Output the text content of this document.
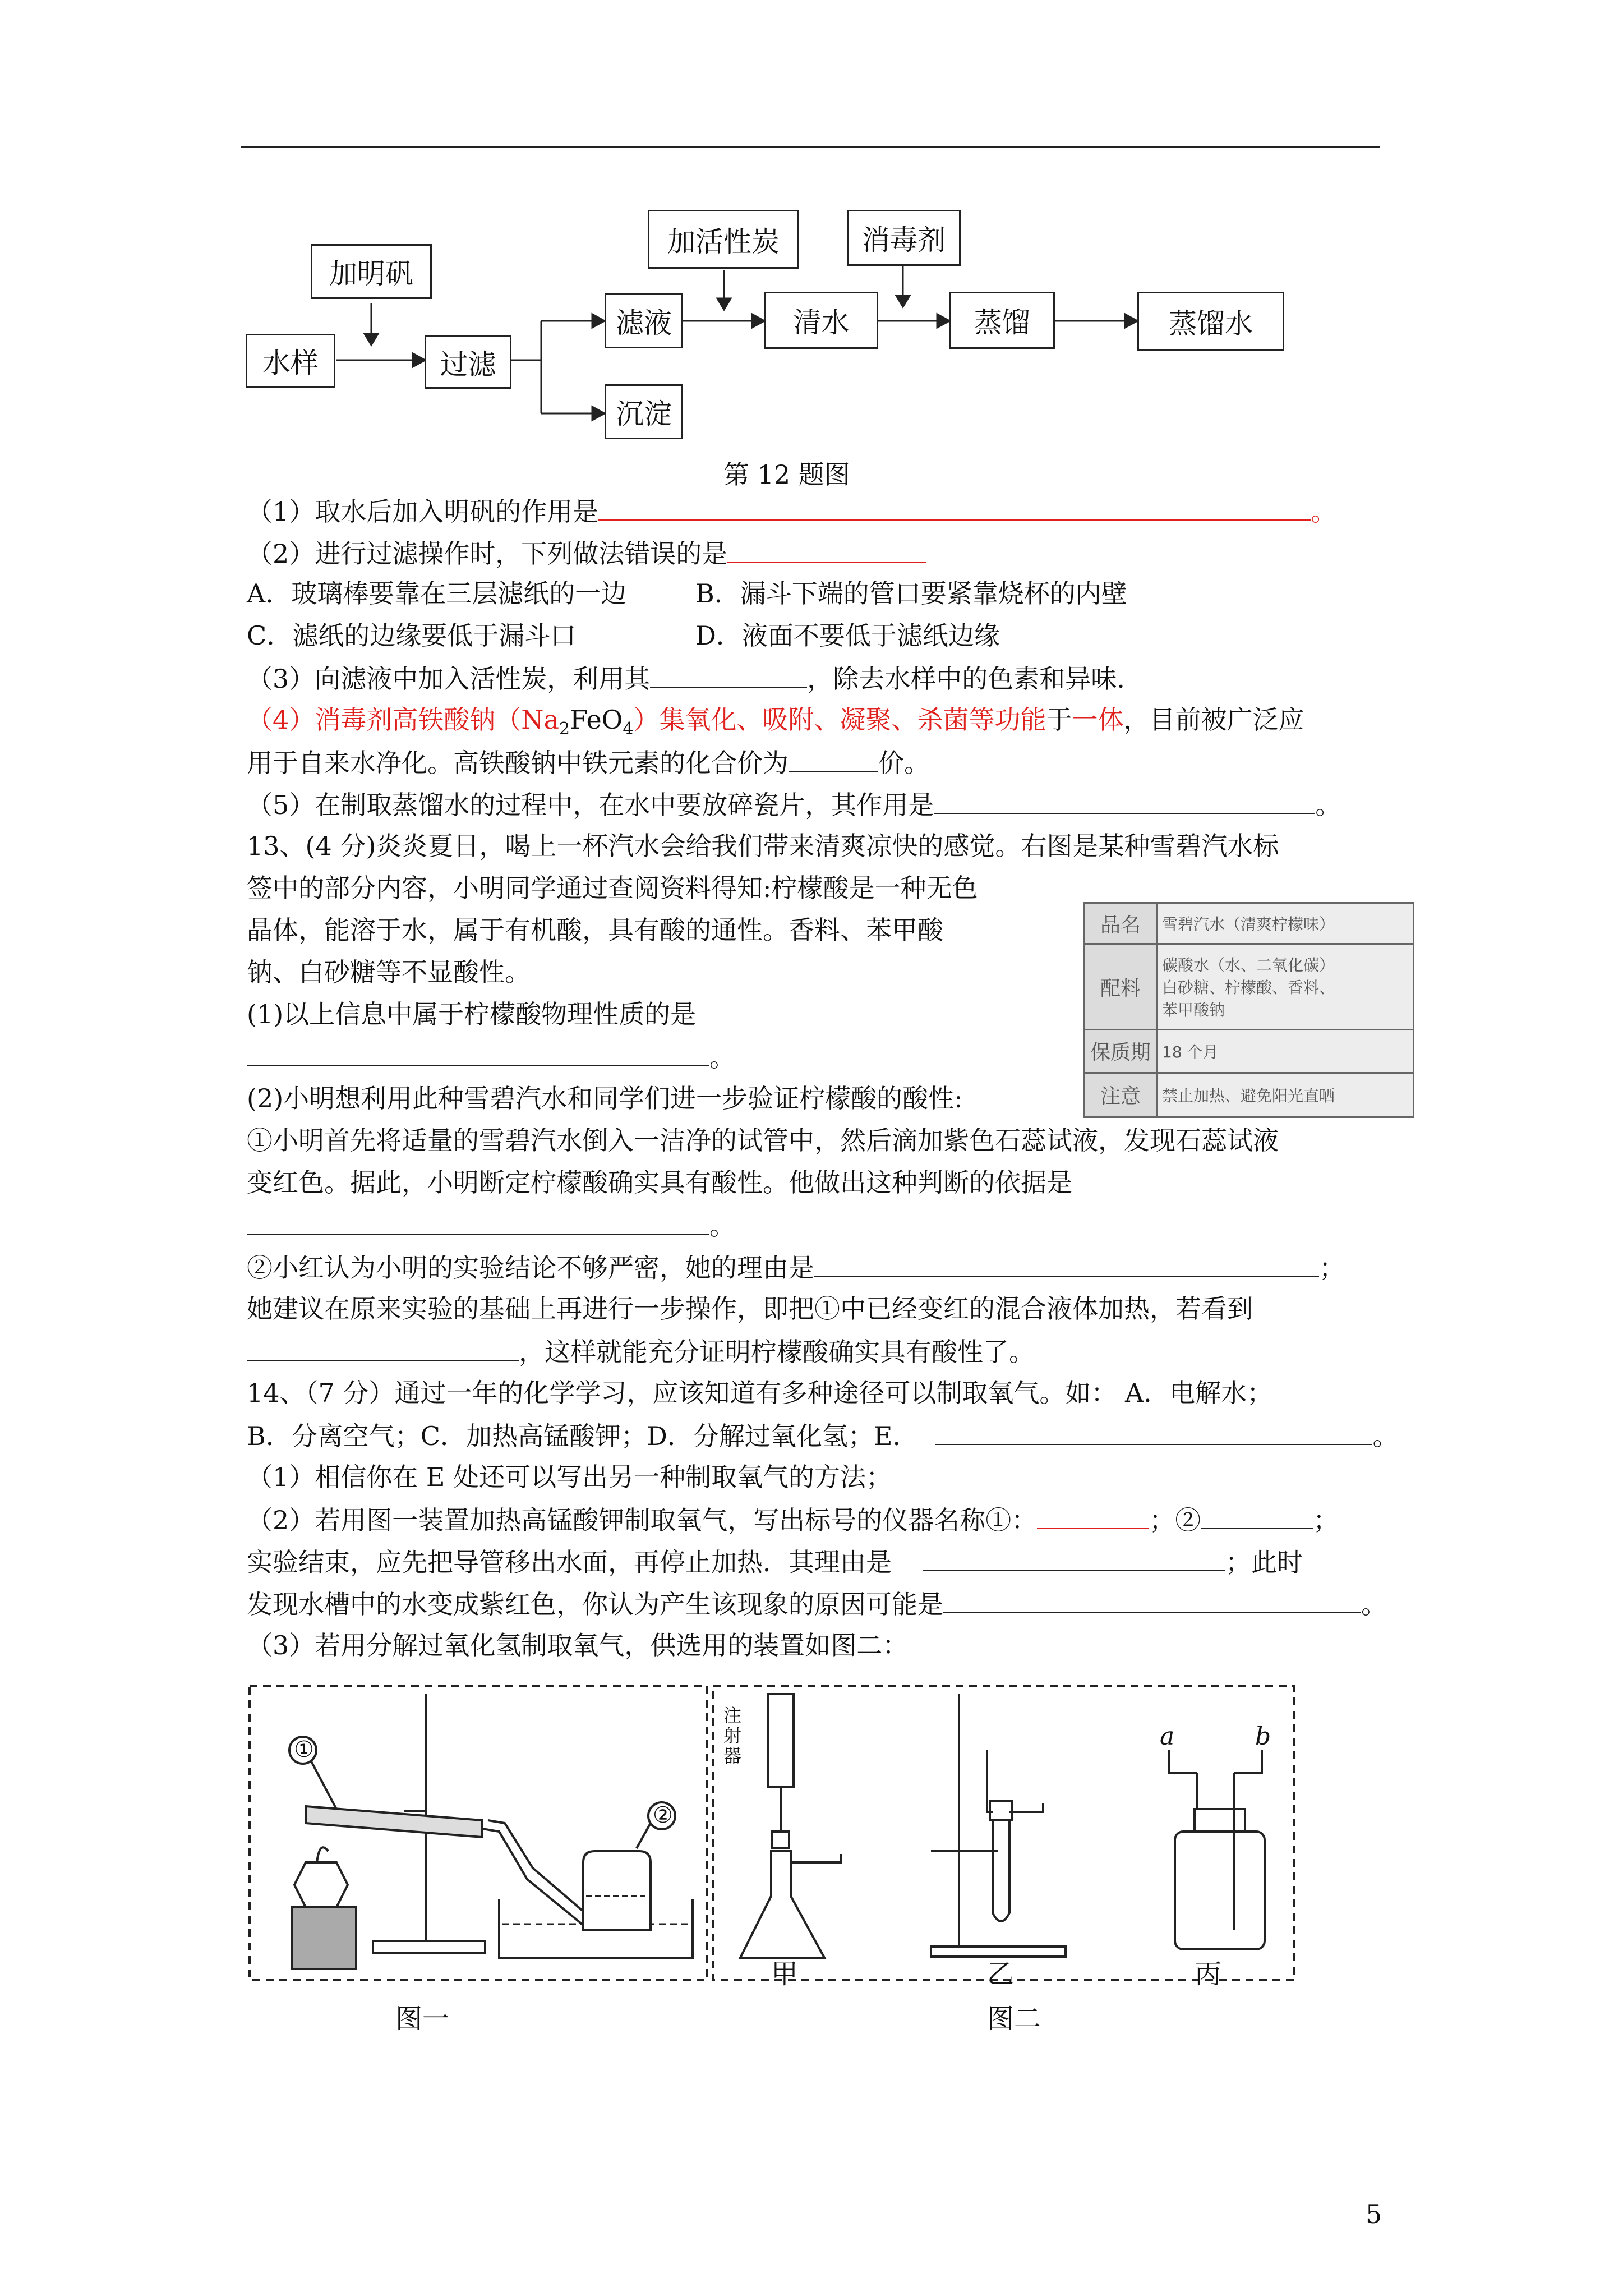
加明矾
水样	过滤
滤液
沉淀
加活性炭
清水
消毒剂
蒸馏	蒸馏水
第 12 题图
（1）取水后加入明矾的作用是	。
（2）进行过滤操作时，下列做法错误的是
A．玻璃棒要靠在三层滤纸的一边	B．漏斗下端的管口要紧靠烧杯的内壁
C．滤纸的边缘要低于漏斗口	D．液面不要低于滤纸边缘
（3）向滤液中加入活性炭，利用其	，除去水样中的色素和异味.
（4）消毒剂高铁酸钠$(Na_2FeO_4)$集氧化、吸附、凝聚、杀菌等功能于一体，目前被广泛应
用于自来水净化。高铁酸钠中铁元素的化合价为	价。
（5）在制取蒸馏水的过程中，在水中要放碎瓷片，其作用是	。
13、(4 分)炎炎夏日，喝上一杯汽水会给我们带来清爽凉快的感觉。右图是某种雪碧汽水标
签中的部分内容，小明同学通过查阅资料得知:柠檬酸是一种无色
晶体，能溶于水，属于有机酸，具有酸的通性。香料、苯甲酸
钠、白砂糖等不显酸性。
(1)以上信息中属于柠檬酸物理性质的是
。
品名	雪碧汽水（清爽柠檬味）
配料	碳酸水（水、二氧化碳）
白砂糖、柠檬酸、香料、
苯甲酸钠

保质期	18 个月
注意	禁止加热、避免阳光直晒
(2)小明想利用此种雪碧汽水和同学们进一步验证柠檬酸的酸性:
①小明首先将适量的雪碧汽水倒入一洁净的试管中，然后滴加紫色石蕊试液，发现石蕊试液
变红色。据此，小明断定柠檬酸确实具有酸性。他做出这种判断的依据是
。
②小红认为小明的实验结论不够严密，她的理由是	；
她建议在原来实验的基础上再进行一步操作，即把①中已经变红的混合液体加热，若看到
，这样就能充分证明柠檬酸确实具有酸性了。
14、（7 分）通过一年的化学学习，应该知道有多种途径可以制取氧气。如： A．电解水；
B．分离空气；C．加热高锰酸钾；D．分解过氧化氢；E．	。
（1）相信你在 E 处还可以写出另一种制取氧气的方法；
（2）若用图一装置加热高锰酸钾制取氧气，写出标号的仪器名称①：	；②	；
实验结束，应先把导管移出水面，再停止加热．其理由是	；此时
发现水槽中的水变成紫红色，你认为产生该现象的原因可能是	。
（3）若用分解过氧化氢制取氧气，供选用的装置如图二：
①
②
注射器
甲	乙	丙
a	b
图一	图二
5
